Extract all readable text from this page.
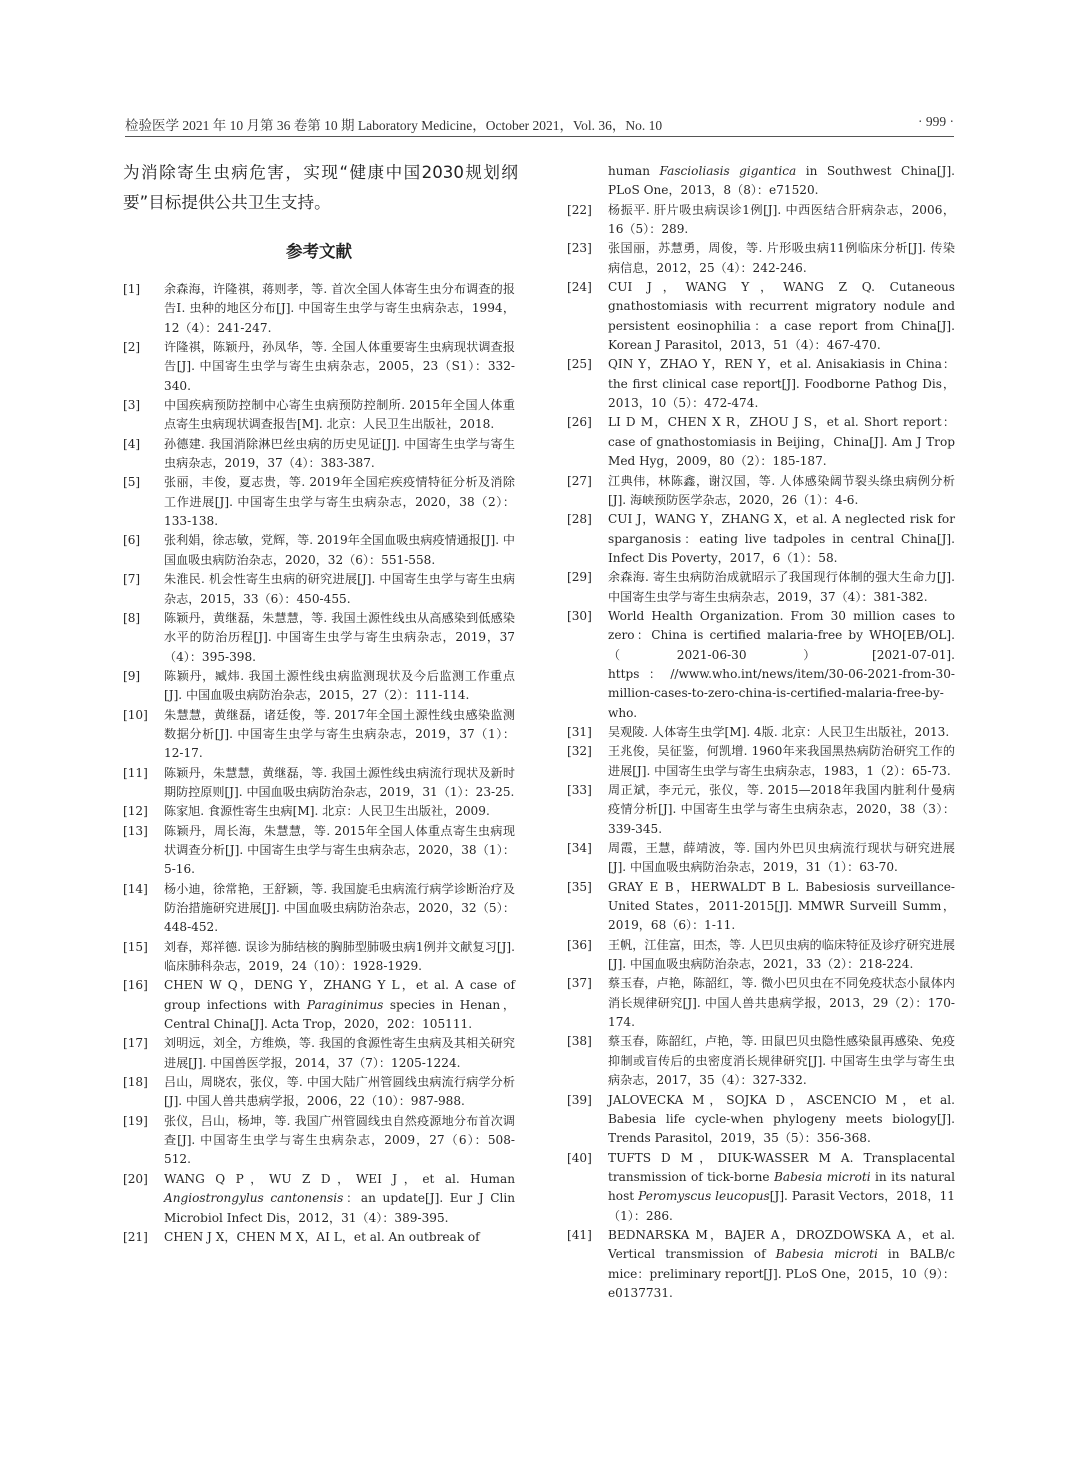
检验医学 2021 年 10 月第 36 卷第 10 期 Laboratory Medicine，October 2021，Vol. 36，No. 10	· 999 ·

为消除寄生虫病危害，实现“健康中国2030规划纲要”目标提供公共卫生支持。

参考文献
[1] 余森海，许隆祺，蒋则孝，等. 首次全国人体寄生虫分布调查的报告Ⅰ. 虫种的地区分布[J]. 中国寄生虫学与寄生虫病杂志，1994，12（4）：241-247.
[2] 许隆祺，陈颖丹，孙凤华，等. 全国人体重要寄生虫病现状调查报告[J]. 中国寄生虫学与寄生虫病杂志，2005，23（S1）：332-340.
[3] 中国疾病预防控制中心寄生虫病预防控制所. 2015年全国人体重点寄生虫病现状调查报告[M]. 北京：人民卫生出版社，2018.
[4] 孙德建. 我国消除淋巴丝虫病的历史见证[J]. 中国寄生虫学与寄生虫病杂志，2019，37（4）：383-387.
[5] 张丽，丰俊，夏志贵，等. 2019年全国疟疾疫情特征分析及消除工作进展[J]. 中国寄生虫学与寄生虫病杂志，2020，38（2）：133-138.
[6] 张利娟，徐志敏，党辉，等. 2019年全国血吸虫病疫情通报[J]. 中国血吸虫病防治杂志，2020，32（6）：551-558.
[7] 朱淮民. 机会性寄生虫病的研究进展[J]. 中国寄生虫学与寄生虫病杂志，2015，33（6）：450-455.
[8] 陈颖丹，黄继磊，朱慧慧，等. 我国土源性线虫从高感染到低感染水平的防治历程[J]. 中国寄生虫学与寄生虫病杂志，2019，37（4）：395-398.
[9] 陈颖丹，臧炜. 我国土源性线虫病监测现状及今后监测工作重点[J]. 中国血吸虫病防治杂志，2015，27（2）：111-114.
[10] 朱慧慧，黄继磊，诸廷俊，等. 2017年全国土源性线虫感染监测数据分析[J]. 中国寄生虫学与寄生虫病杂志，2019，37（1）：12-17.
[11] 陈颖丹，朱慧慧，黄继磊，等. 我国土源性线虫病流行现状及新时期防控原则[J]. 中国血吸虫病防治杂志，2019，31（1）：23-25.
[12] 陈家旭. 食源性寄生虫病[M]. 北京：人民卫生出版社，2009.
[13] 陈颖丹，周长海，朱慧慧，等. 2015年全国人体重点寄生虫病现状调查分析[J]. 中国寄生虫学与寄生虫病杂志，2020，38（1）：5-16.
[14] 杨小迪，徐常艳，王舒颖，等. 我国旋毛虫病流行病学诊断治疗及防治措施研究进展[J]. 中国血吸虫病防治杂志，2020，32（5）：448-452.
[15] 刘春，郑祥德. 误诊为肺结核的胸肺型肺吸虫病1例并文献复习[J]. 临床肺科杂志，2019，24（10）：1928-1929.
[16] CHEN W Q，DENG Y，ZHANG Y L，et al. A case of group infections with Paraginimus species in Henan，Central China[J]. Acta Trop，2020，202：105111.
[17] 刘明远，刘全，方维焕，等. 我国的食源性寄生虫病及其相关研究进展[J]. 中国兽医学报，2014，37（7）：1205-1224.
[18] 吕山，周晓农，张仪，等. 中国大陆广州管圆线虫病流行病学分析[J]. 中国人兽共患病学报，2006，22（10）：987-988.
[19] 张仪，吕山，杨坤，等. 我国广州管圆线虫自然疫源地分布首次调查[J]. 中国寄生虫学与寄生虫病杂志，2009，27（6）：508-512.
[20] WANG Q P，WU Z D，WEI J，et al. Human Angiostrongylus cantonensis：an update[J]. Eur J Clin Microbiol Infect Dis，2012，31（4）：389-395.
[21] CHEN J X，CHEN M X，AI L，et al. An outbreak of
human Fascioliasis gigantica in Southwest China[J]. PLoS One，2013，8（8）：e71520.
[22] 杨振平. 肝片吸虫病误诊1例[J]. 中西医结合肝病杂志，2006，16（5）：289.
[23] 张国丽，苏慧勇，周俊，等. 片形吸虫病11例临床分析[J]. 传染病信息，2012，25（4）：242-246.
[24] CUI J，WANG Y，WANG Z Q. Cutaneous gnathostomiasis with recurrent migratory nodule and persistent eosinophilia：a case report from China[J]. Korean J Parasitol，2013，51（4）：467-470.
[25] QIN Y，ZHAO Y，REN Y，et al. Anisakiasis in China：the first clinical case report[J]. Foodborne Pathog Dis，2013，10（5）：472-474.
[26] LI D M，CHEN X R，ZHOU J S，et al. Short report：case of gnathostomiasis in Beijing，China[J]. Am J Trop Med Hyg，2009，80（2）：185-187.
[27] 江典伟，林陈鑫，谢汉国，等. 人体感染阔节裂头绦虫病例分析[J]. 海峡预防医学杂志，2020，26（1）：4-6.
[28] CUI J，WANG Y，ZHANG X，et al. A neglected risk for sparganosis：eating live tadpoles in central China[J]. Infect Dis Poverty，2017，6（1）：58.
[29] 余森海. 寄生虫病防治成就昭示了我国现行体制的强大生命力[J]. 中国寄生虫学与寄生虫病杂志，2019，37（4）：381-382.
[30] World Health Organization. From 30 million cases to zero：China is certified malaria-free by WHO[EB/OL].（2021-06-30）[2021-07-01]. https：//www.who.int/news/item/30-06-2021-from-30-million-cases-to-zero-china-is-certified-malaria-free-by-who.
[31] 吴观陵. 人体寄生虫学[M]. 4版. 北京：人民卫生出版社，2013.
[32] 王兆俊，吴征鉴，何凯增. 1960年来我国黑热病防治研究工作的进展[J]. 中国寄生虫学与寄生虫病杂志，1983，1（2）：65-73.
[33] 周正斌，李元元，张仪，等. 2015—2018年我国内脏利什曼病疫情分析[J]. 中国寄生虫学与寄生虫病杂志，2020，38（3）：339-345.
[34] 周霞，王慧，薛靖波，等. 国内外巴贝虫病流行现状与研究进展[J]. 中国血吸虫病防治杂志，2019，31（1）：63-70.
[35] GRAY E B，HERWALDT B L. Babesiosis surveillance-United States，2011-2015[J]. MMWR Surveill Summ，2019，68（6）：1-11.
[36] 王帆，江佳富，田杰，等. 人巴贝虫病的临床特征及诊疗研究进展[J]. 中国血吸虫病防治杂志，2021，33（2）：218-224.
[37] 蔡玉春，卢艳，陈韶红，等. 微小巴贝虫在不同免疫状态小鼠体内消长规律研究[J]. 中国人兽共患病学报，2013，29（2）：170-174.
[38] 蔡玉春，陈韶红，卢艳，等. 田鼠巴贝虫隐性感染鼠再感染、免疫抑制或盲传后的虫密度消长规律研究[J]. 中国寄生虫学与寄生虫病杂志，2017，35（4）：327-332.
[39] JALOVECKA M，SOJKA D，ASCENCIO M，et al. Babesia life cycle-when phylogeny meets biology[J]. Trends Parasitol，2019，35（5）：356-368.
[40] TUFTS D M，DIUK-WASSER M A. Transplacental transmission of tick-borne Babesia microti in its natural host Peromyscus leucopus[J]. Parasit Vectors，2018，11（1）：286.
[41] BEDNARSKA M，BAJER A，DROZDOWSKA A，et al. Vertical transmission of Babesia microti in BALB/c mice：preliminary report[J]. PLoS One，2015，10（9）：e0137731.
